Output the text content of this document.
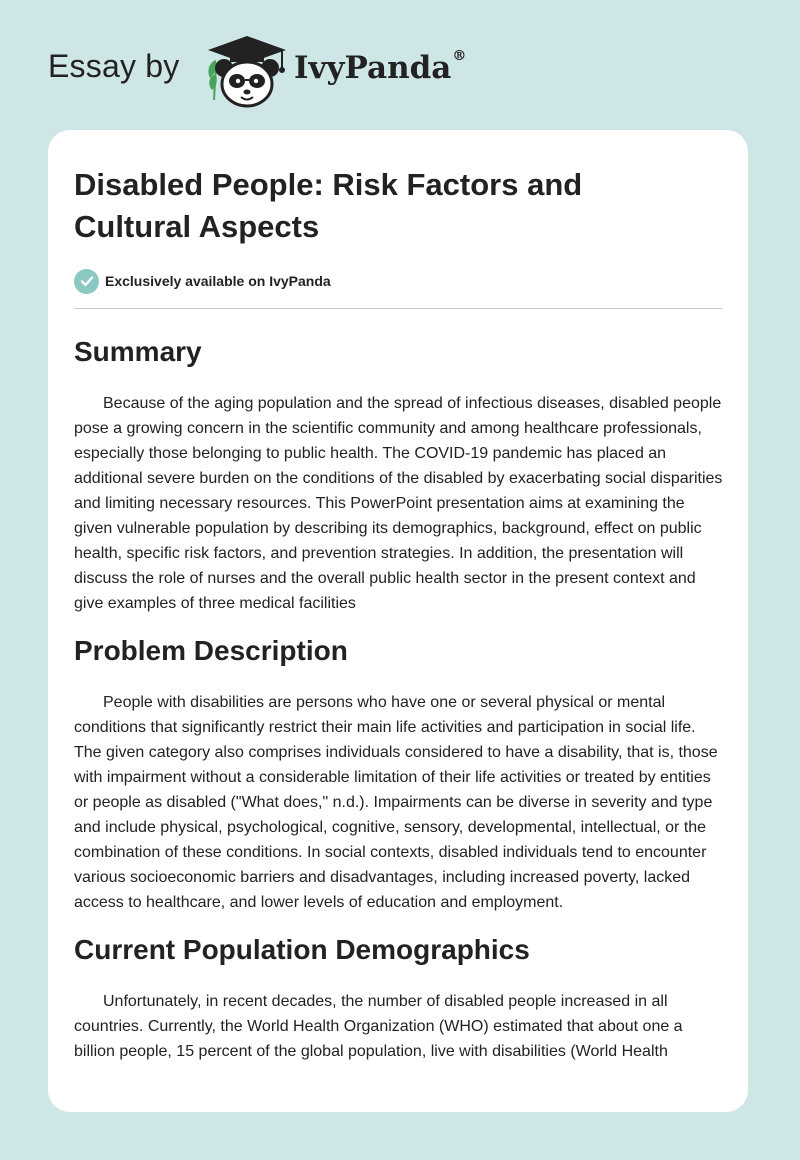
Essay by	IvyPanda®
Disabled People: Risk Factors and Cultural Aspects
Exclusively available on IvyPanda
Summary

Because of the aging population and the spread of infectious diseases, disabled people pose a growing concern in the scientific community and among healthcare professionals, especially those belonging to public health. The COVID-19 pandemic has placed an additional severe burden on the conditions of the disabled by exacerbating social disparities and limiting necessary resources. This PowerPoint presentation aims at examining the given vulnerable population by describing its demographics, background, effect on public health, specific risk factors, and prevention strategies. In addition, the presentation will discuss the role of nurses and the overall public health sector in the present context and give examples of three medical facilities

Problem Description

People with disabilities are persons who have one or several physical or mental conditions that significantly restrict their main life activities and participation in social life. The given category also comprises individuals considered to have a disability, that is, those with impairment without a considerable limitation of their life activities or treated by entities or people as disabled ("What does," n.d.). Impairments can be diverse in severity and type and include physical, psychological, cognitive, sensory, developmental, intellectual, or the combination of these conditions. In social contexts, disabled individuals tend to encounter various socioeconomic barriers and disadvantages, including increased poverty, lacked access to healthcare, and lower levels of education and employment.

Current Population Demographics

Unfortunately, in recent decades, the number of disabled people increased in all countries. Currently, the World Health Organization (WHO) estimated that about one a billion people, 15 percent of the global population, live with disabilities (World Health
